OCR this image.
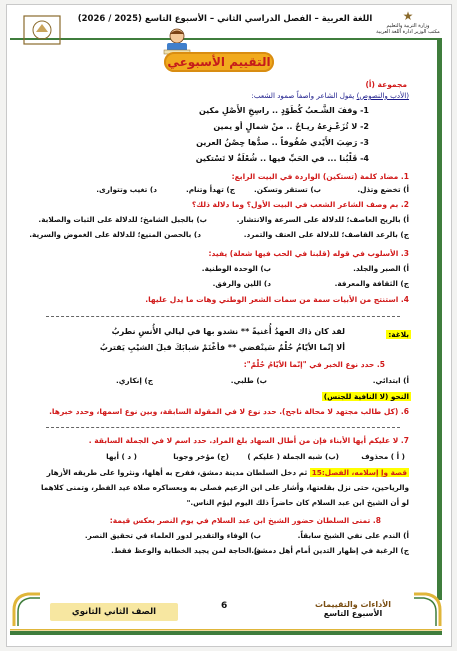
اللغة العربية – الفصل الدراسي الثاني – الأسبوع التاسع (2025 / 2026)	★
وزارة التربية والتعليم
مكتب الوزير ادارة اللغة العربية
التقييم الأسبوعي
مجموعة (أ)
(الأدب والنصوص) يقول الشاعر واصفاً صمود الشعب:
1- وقفَ الشَّـعبُ كُطَوْدٍ .. راسِخِ الأَصْلِ مكين
2- لا تُزَعْـزِعهُ ريـاحٌ .. منْ شمالٍ أو يمين
3- رَضِبَ الأَيْدي صُفُوفاً .. صدُّها حِصْنُ العرين
4- قَلْبُنا ... في الحَبِّ فيها .. شُعْلَةٌ لا تَسْتكين
1. مضاد كلمة (تستكين) الواردة في البيت الرابع:
أ) تخضع وتذل.
ب) تستقر وتسكن.
ج) تهدأ وتنام.
د) تغيب وتتوارى.
2. بم وصف الشاعر الشعب في البيت الأول؟ وما دلالة ذلك؟
أ) بالريح العاصف؛ للدلالة على السرعة والانتشار.
ب) بالجبل الشامخ؛ للدلالة على الثبات والصلابة.
ج) بالرعد القاصف؛ للدلالة على العنف والتمرد.
د) بالحصن المنيع؛ للدلالة على الغموض والسرية.
3. الأسلوب في قوله (قلبنا في الحب فيها شعلة) يفيد:
أ) الصبر والجلد.
ب) الوحدة الوطنية.
ج) الثقافة والمعرفة.
د) اللين والرفق.
4. استنتج من الأبيات سمة من سمات الشعر الوطني وهات ما يدل عليها.
بلاغة:
لقد كان ذاك العهدُ أُغنيةً ** نشدو بها في ليالي الأُنسِ نطربُ
ألا إنّما الأيّامُ حُلْمٌ سَينْقضي ** فأغْنَمْ شبابَكَ قبلَ الشيْبِ يَقتربُ
5. حدد نوع الخبر في "إنّما الأيّامُ حُلْمٌ":
أ) ابتدائي.
ب) طلبي.
ج) إنكاري.
النحو (لا النافية للجنس)
6. (كل طالب مجتهد لا محالة ناجح). حدد نوع لا في المقولة السابقة، وبين نوع اسمها، وحدد خبرها.
7. لا عليكم أيها الأبناء فإن من أطال السهاد بلغ المراد. حدد اسم لا في الجملة السابقة .
( أ ) محذوف
(ب) شبه الجملة ( عليكم )
(ج) مؤخر وجوبا
( د ) أيها
قصة وإ إسلامه، الفصل:15 ثم دخل السلطان مدينة دمشق، ففرح به أهلها، ونثروا على طريقه الأزهار
والرياحين، حتى نزل بقلعتها، وأشار على ابن الزعيم فصلى به وبعساكره صلاة عيد الفطر، وتمنى كلاهما
لو أن الشيخ ابن عبد السلام كان حاضراً ذلك اليوم ليؤم الناس."
8. تمنى السلطان حضور الشيخ ابن عبد السلام في يوم النصر بعكس قيمة:
أ) الندم على نفي الشيخ سابقاً.
ب) الوفاء والتقدير لدور العلماء في تحقيق النصر.
ج) الرغبة في إظهار التدين أمام أهل دمشق.
د) الحاجة لمن يجيد الخطابة والوعظ فقط.
الصف الثاني الثانوي
6	الأداءات والتقييمات
الأسبوع التاسع
